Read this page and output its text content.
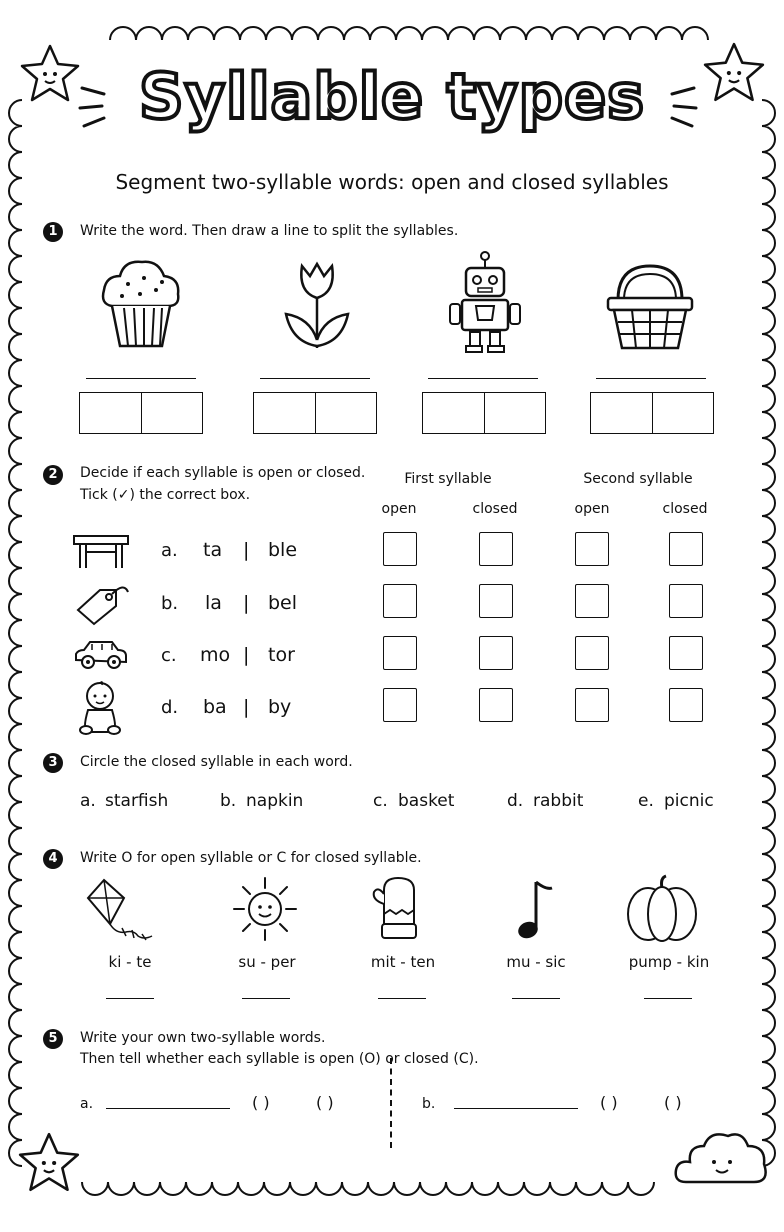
Syllable types
Segment two-syllable words: open and closed syllables
1	Write the word. Then draw a line to split the syllables.
2	Decide if each syllable is open or closed.
Tick (✓) the correct box.
First syllable	Second syllable
open	closed	open	closed
a. ta | ble
b. la | bel
c. mo | tor
d. ba | by
3	Circle the closed syllable in each word.
a. starfish	b. napkin	c. basket	d. rabbit	e. picnic
4	Write O for open syllable or C for closed syllable.
ki - te	su - per	mit - ten	mu - sic	pump - kin
5	Write your own two-syllable words.
Then tell whether each syllable is open (O) or closed (C).
a.	( )	( )	b.	( )	( )
